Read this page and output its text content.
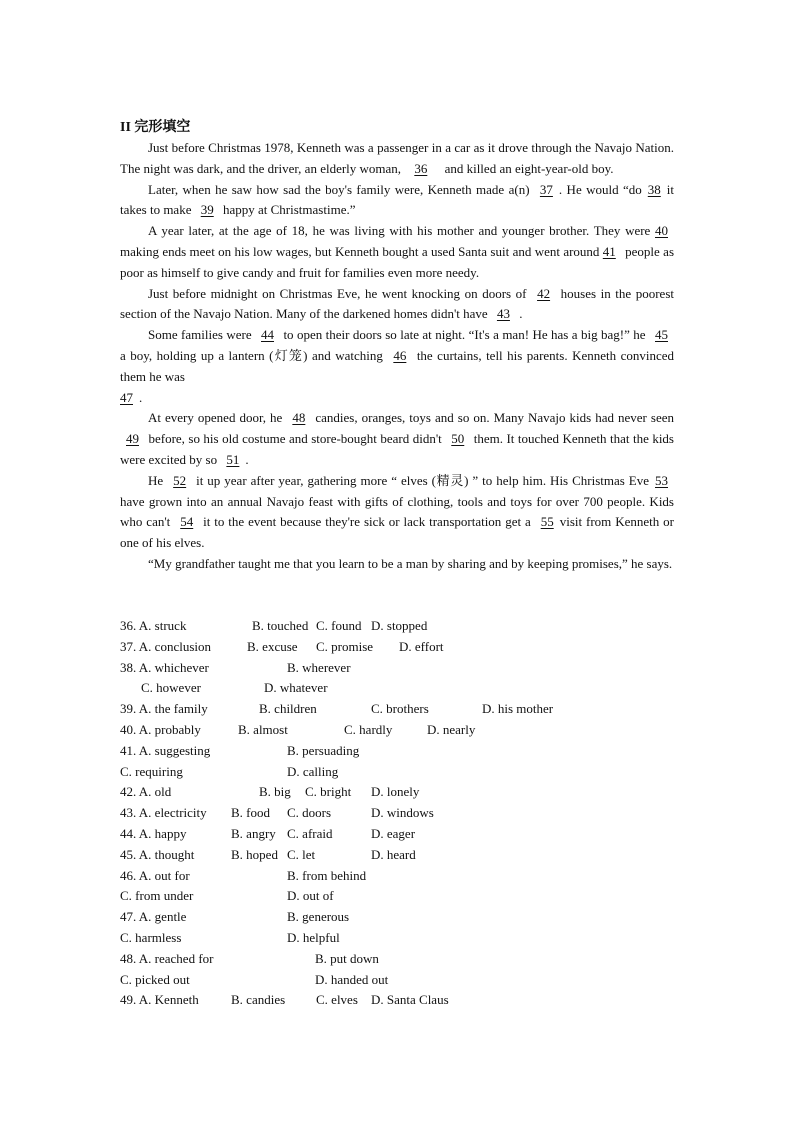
II 完形填空

Just before Christmas 1978, Kenneth was a passenger in a car as it drove through the Navajo Nation. The night was dark, and the driver, an elderly woman, 36 and killed an eight-year-old boy.

Later, when he saw how sad the boy's family were, Kenneth made a(n) 37 . He would “do 38 it takes to make 39 happy at Christmastime.”

A year later, at the age of 18, he was living with his mother and younger brother. They were 40 making ends meet on his low wages, but Kenneth bought a used Santa suit and went around 41 people as poor as himself to give candy and fruit for families even more needy.

Just before midnight on Christmas Eve, he went knocking on doors of 42 houses in the poorest section of the Navajo Nation. Many of the darkened homes didn't have 43 .

Some families were 44 to open their doors so late at night. “It's a man! He has a big bag!” he 45 a boy, holding up a lantern (灯笼) and watching 46 the curtains, tell his parents. Kenneth convinced them he was

47 .

At every opened door, he 48 candies, oranges, toys and so on. Many Navajo kids had never seen 49 before, so his old costume and store-bought beard didn't 50 them. It touched Kenneth that the kids were excited by so 51 .

He 52 it up year after year, gathering more “ elves (精灵) ” to help him. His Christmas Eve 53 have grown into an annual Navajo feast with gifts of clothing, tools and toys for over 700 people. Kids who can't 54 it to the event because they're sick or lack transportation get a 55 visit from Kenneth or one of his elves.

“My grandfather taught me that you learn to be a man by sharing and by keeping promises,” he says.

36. A. struck	B. touched C. found D. stopped
37. A. conclusion	B. excuse C. promise D. effort
38. A. whichever	B. wherever
C. however	D. whatever
39. A. the family	B. children	C. brothers	D. his mother
40. A. probably	B. almost	C. hardly	D. nearly
41. A. suggesting	B. persuading
C. requiring	D. calling
42. A. old	B. big C. bright D. lonely
43. A. electricity B. food C. doors	D. windows
44. A. happy	B. angry C. afraid	D. eager
45. A. thought	B. hoped C. let	D. heard
46. A. out for	B. from behind
C. from under	D. out of
47. A. gentle	B. generous
C. harmless	D. helpful
48. A. reached for	B. put down
C. picked out	D. handed out
49. A. Kenneth B. candies C. elves D. Santa Claus
